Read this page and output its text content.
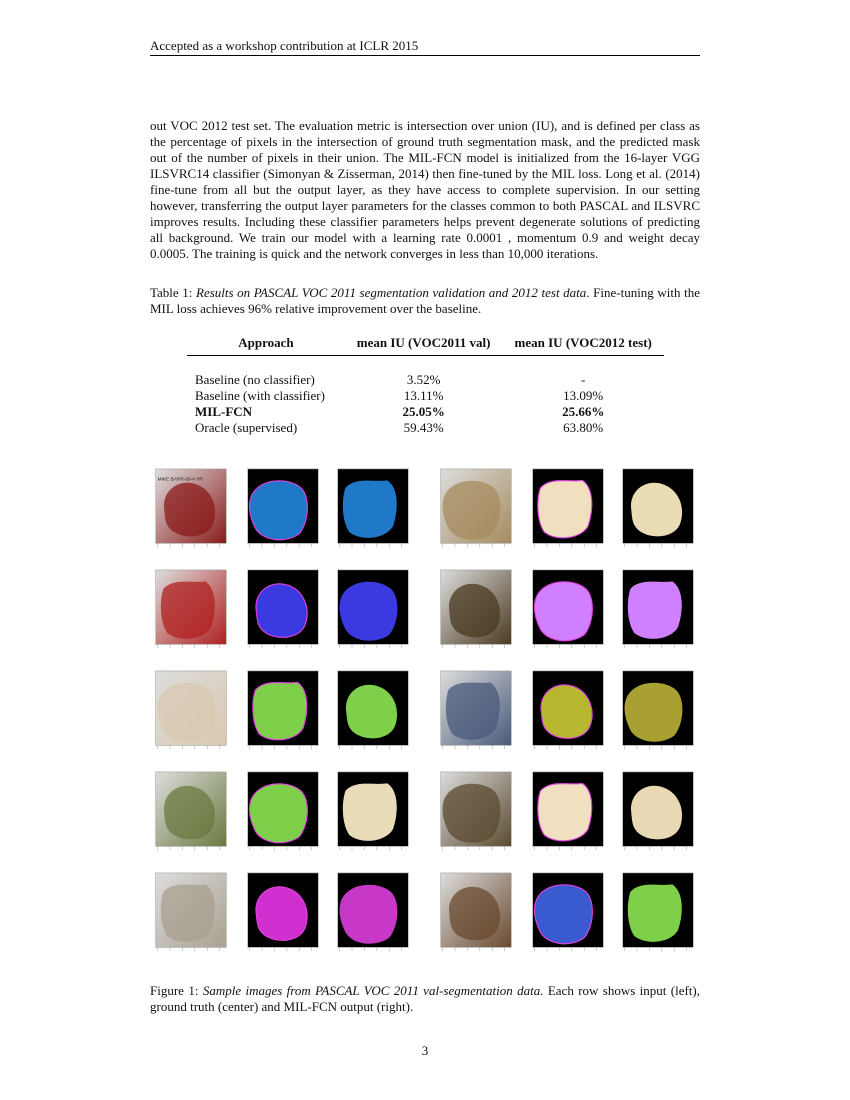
Accepted as a workshop contribution at ICLR 2015
out VOC 2012 test set. The evaluation metric is intersection over union (IU), and is defined per class as the percentage of pixels in the intersection of ground truth segmentation mask, and the predicted mask out of the number of pixels in their union. The MIL-FCN model is initialized from the 16-layer VGG ILSVRC14 classifier (Simonyan & Zisserman, 2014) then fine-tuned by the MIL loss. Long et al. (2014) fine-tune from all but the output layer, as they have access to complete supervision. In our setting however, transferring the output layer parameters for the classes common to both PASCAL and ILSVRC improves results. Including these classifier parameters helps prevent degenerate solutions of predicting all background. We train our model with a learning rate 0.0001 , momentum 0.9 and weight decay 0.0005. The training is quick and the network converges in less than 10,000 iterations.
Table 1: Results on PASCAL VOC 2011 segmentation validation and 2012 test data. Fine-tuning with the MIL loss achieves 96% relative improvement over the baseline.
Approach	mean IU (VOC2011 val)	mean IU (VOC2012 test)
Baseline (no classifier)	3.52%	-
Baseline (with classifier)	13.11%	13.09%
MIL-FCN	25.05%	25.66%
Oracle (supervised)	59.43%	63.80%
MIKE BARR-00-4 YR
Figure 1: Sample images from PASCAL VOC 2011 val-segmentation data. Each row shows input (left), ground truth (center) and MIL-FCN output (right).
3
